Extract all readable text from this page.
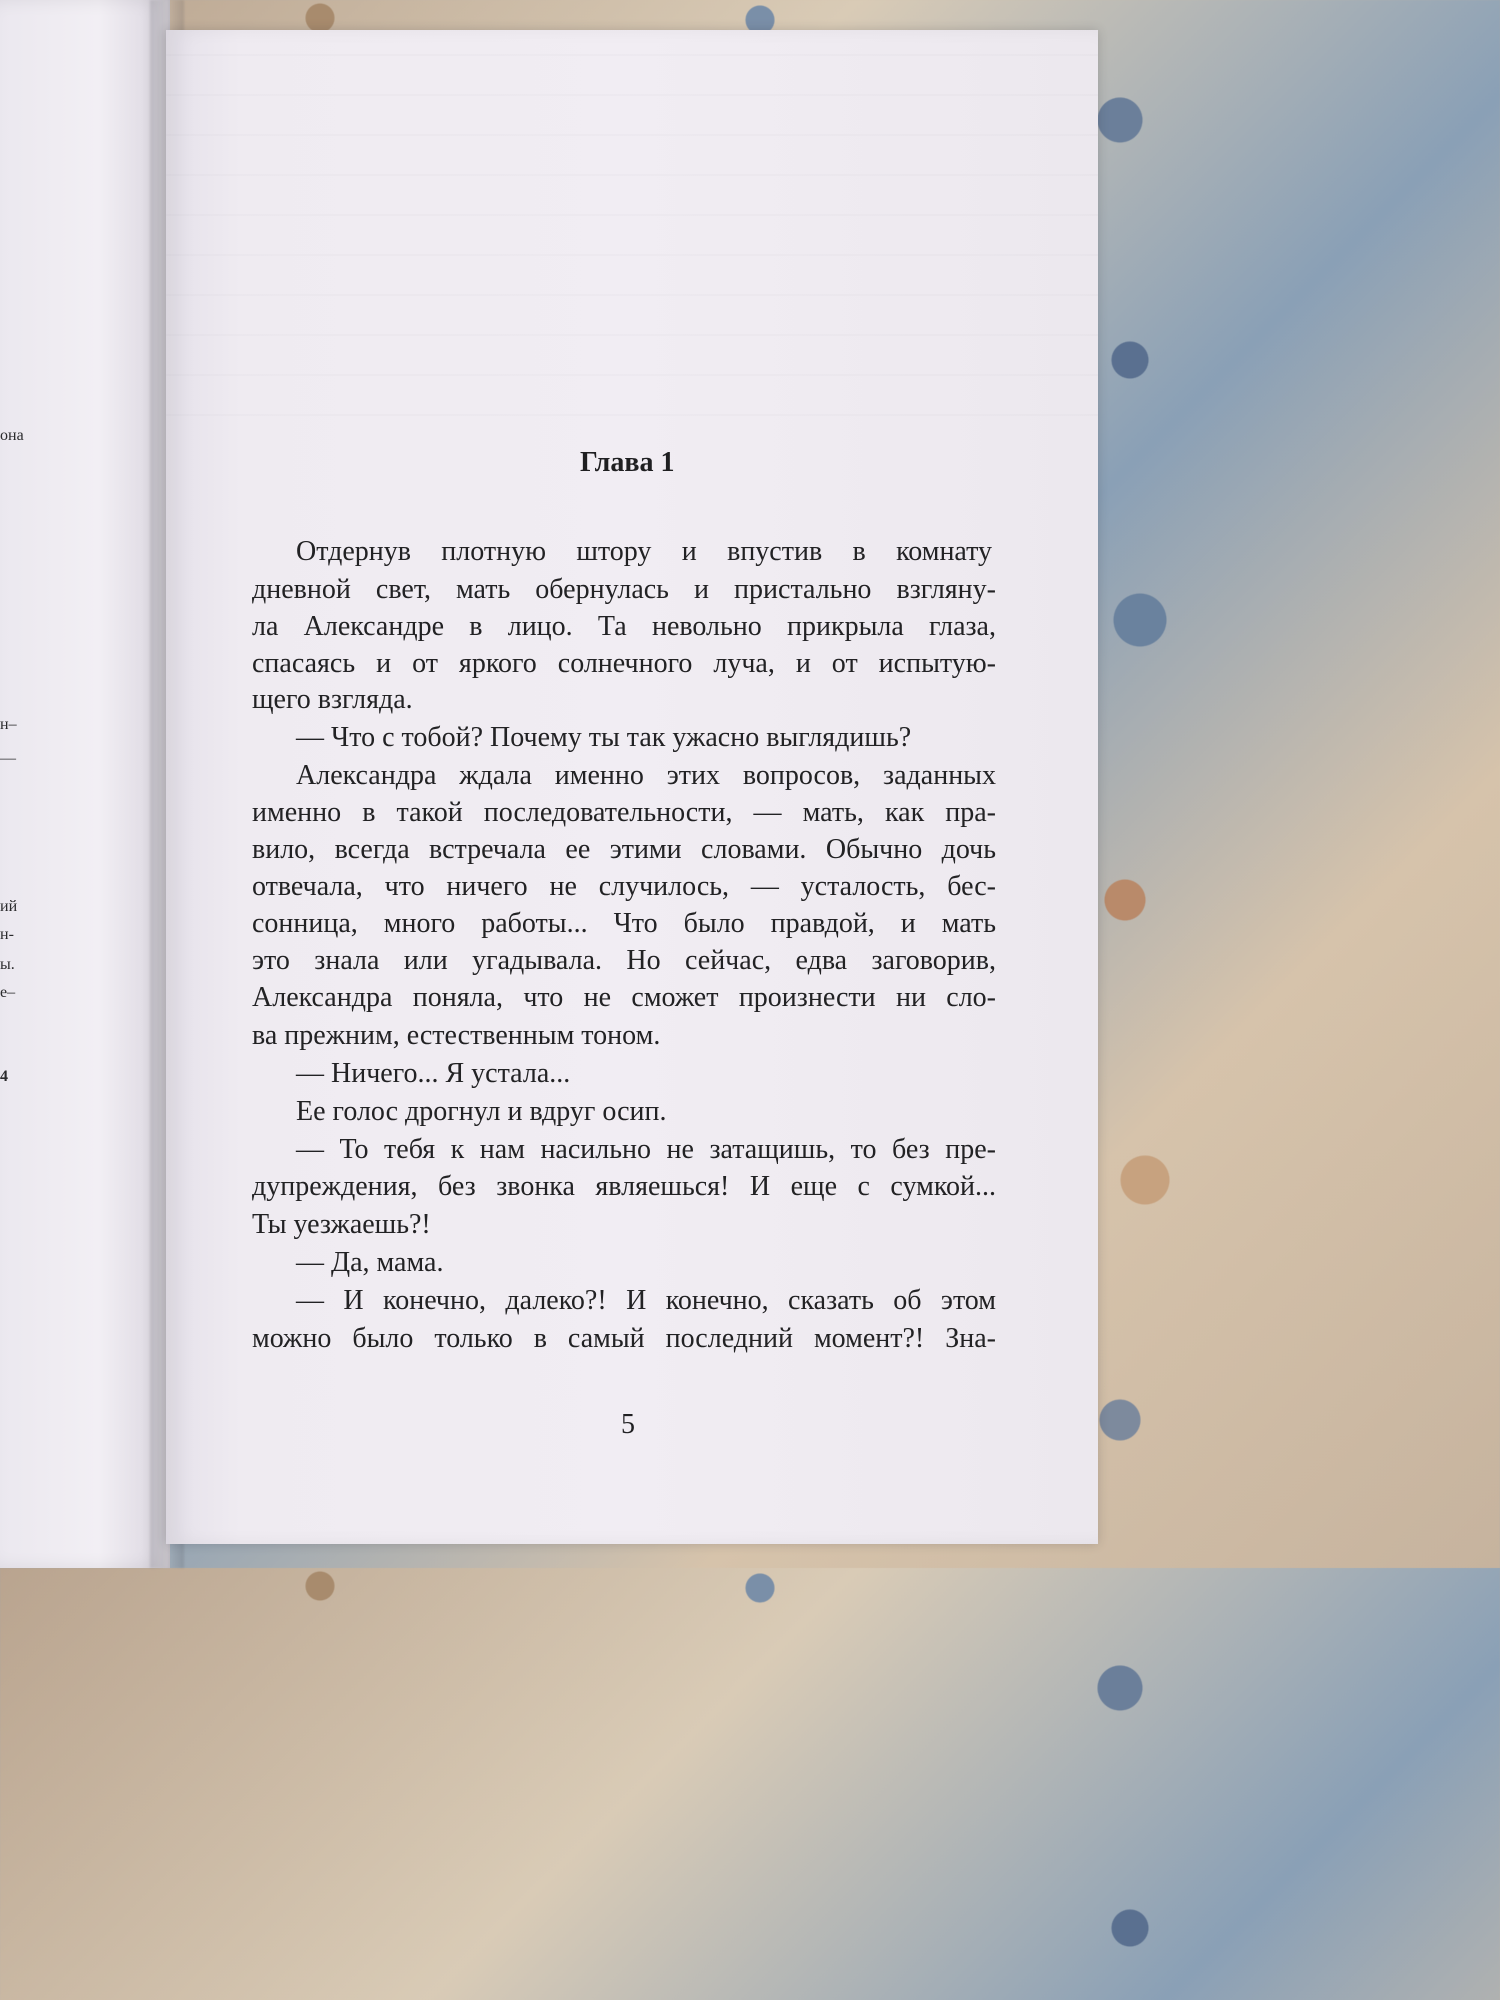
она
н–
—
ий
н-
ы.
е–
4
Глава 1
Отдернув плотную штору и впустив в комнату
дневной свет, мать обернулась и пристально взгляну-
ла Александре в лицо. Та невольно прикрыла глаза,
спасаясь и от яркого солнечного луча, и от испытую-
щего взгляда.
— Что с тобой? Почему ты так ужасно выглядишь?
Александра ждала именно этих вопросов, заданных
именно в такой последовательности, — мать, как пра-
вило, всегда встречала ее этими словами. Обычно дочь
отвечала, что ничего не случилось, — усталость, бес-
сонница, много работы... Что было правдой, и мать
это знала или угадывала. Но сейчас, едва заговорив,
Александра поняла, что не сможет произнести ни сло-
ва прежним, естественным тоном.
— Ничего... Я устала...
Ее голос дрогнул и вдруг осип.
— То тебя к нам насильно не затащишь, то без пре-
дупреждения, без звонка являешься! И еще с сумкой...
Ты уезжаешь?!
— Да, мама.
— И конечно, далеко?! И конечно, сказать об этом
можно было только в самый последний момент?! Зна-
5
